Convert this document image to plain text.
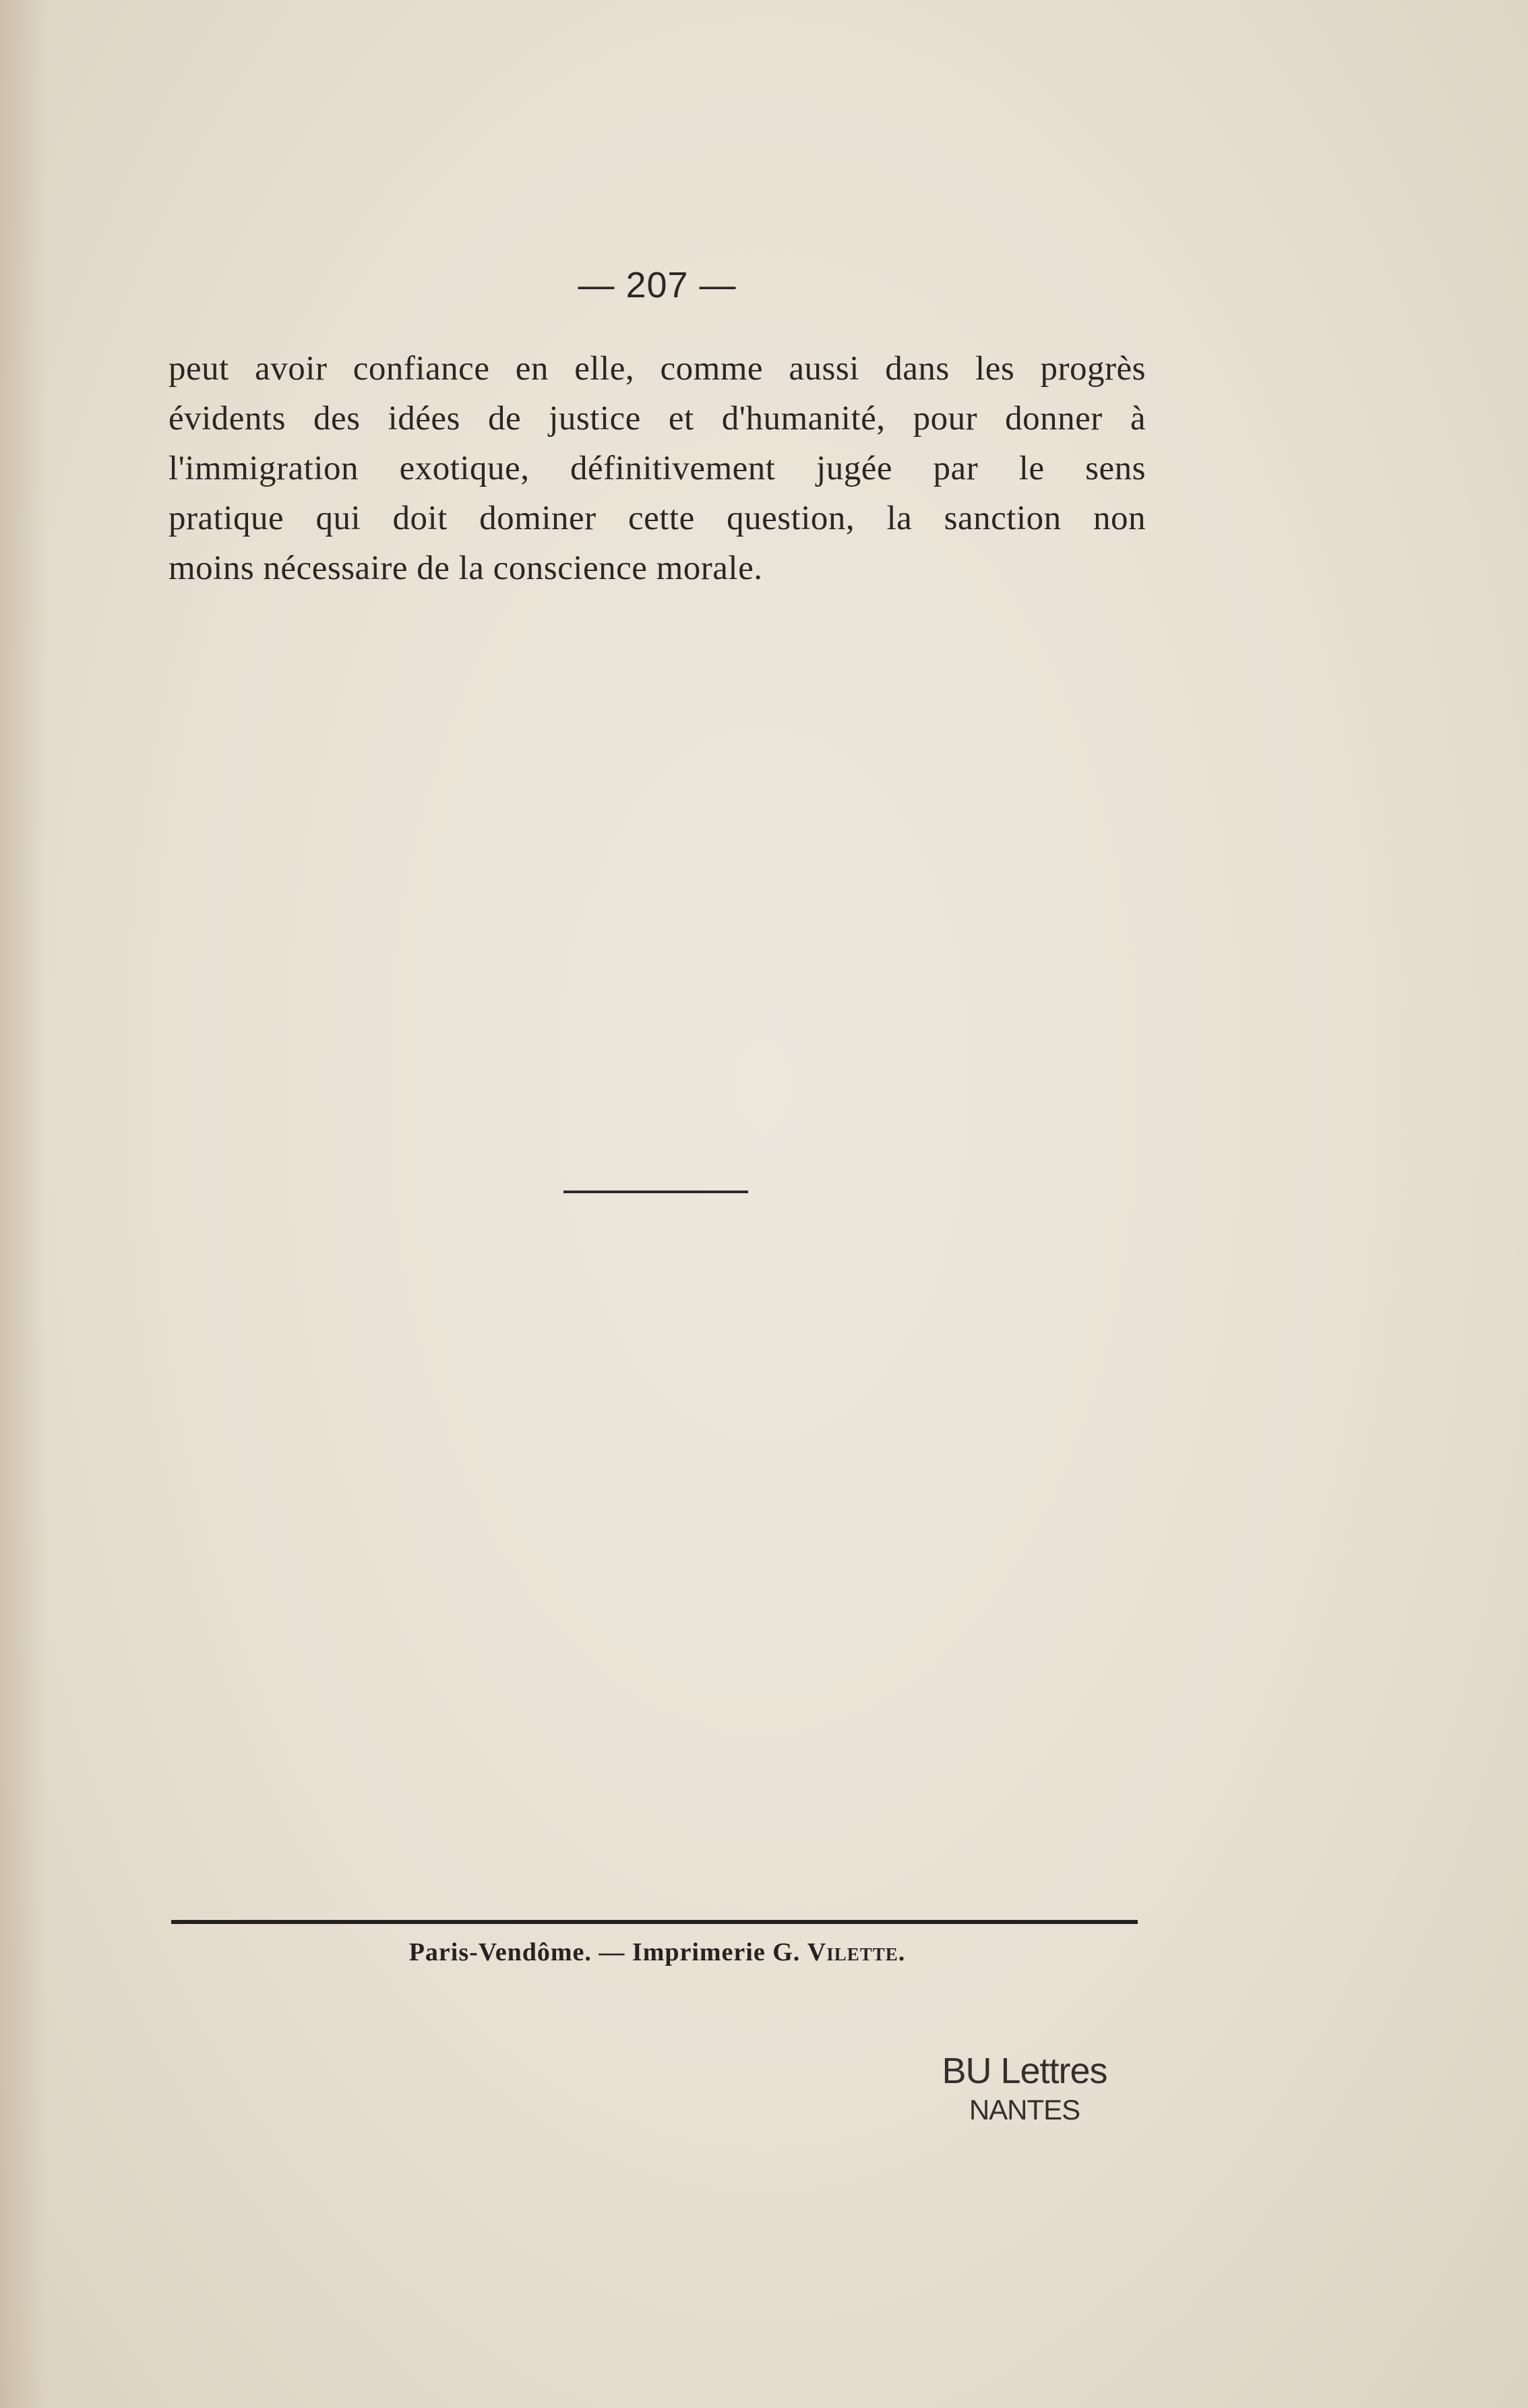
— 207 —
peut avoir confiance en elle, comme aussi dans les progrès
évidents des idées de justice et d'humanité, pour donner à
l'immigration exotique, définitivement jugée par le sens
pratique qui doit dominer cette question, la sanction non
moins nécessaire de la conscience morale.
Paris-Vendôme. — Imprimerie G. Vilette.
BU Lettres
NANTES
